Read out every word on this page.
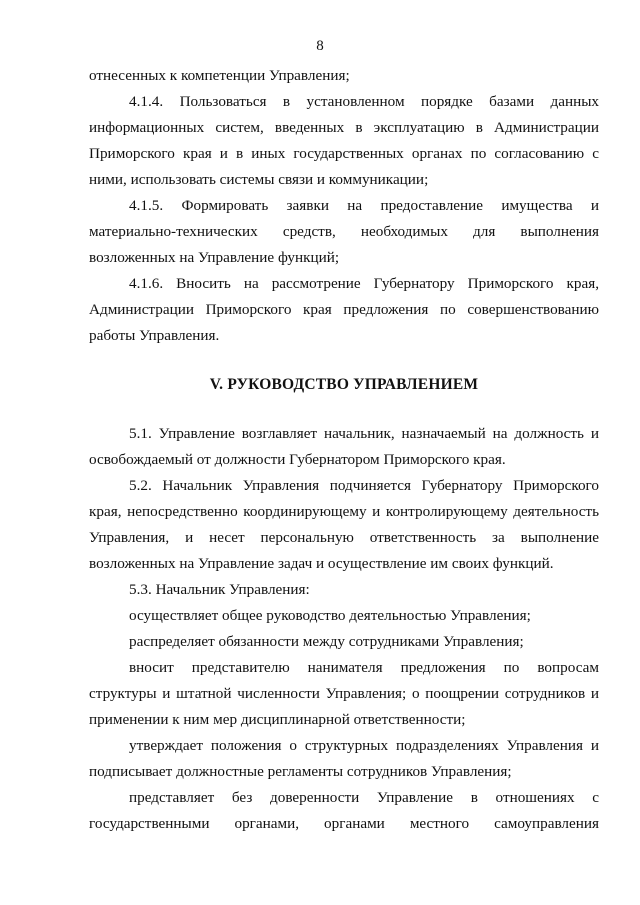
8

отнесенных к компетенции Управления;

4.1.4. Пользоваться в установленном порядке базами данных информационных систем, введенных в эксплуатацию в Администрации Приморского края и в иных государственных органах по согласованию с ними, использовать системы связи и коммуникации;

4.1.5. Формировать заявки на предоставление имущества и материально-технических средств, необходимых для выполнения возложенных на Управление функций;

4.1.6. Вносить на рассмотрение Губернатору Приморского края, Администрации Приморского края предложения по совершенствованию работы Управления.

V. РУКОВОДСТВО УПРАВЛЕНИЕМ

5.1. Управление возглавляет начальник, назначаемый на должность и освобождаемый от должности Губернатором Приморского края.

5.2. Начальник Управления подчиняется Губернатору Приморского края, непосредственно координирующему и контролирующему деятельность Управления, и несет персональную ответственность за выполнение возложенных на Управление задач и осуществление им своих функций.

5.3. Начальник Управления:

осуществляет общее руководство деятельностью Управления;

распределяет обязанности между сотрудниками Управления;

вносит представителю нанимателя предложения по вопросам структуры и штатной численности Управления; о поощрении сотрудников и применении к ним мер дисциплинарной ответственности;

утверждает положения о структурных подразделениях Управления и подписывает должностные регламенты сотрудников Управления;

представляет без доверенности Управление в отношениях с государственными органами, органами местного самоуправления
